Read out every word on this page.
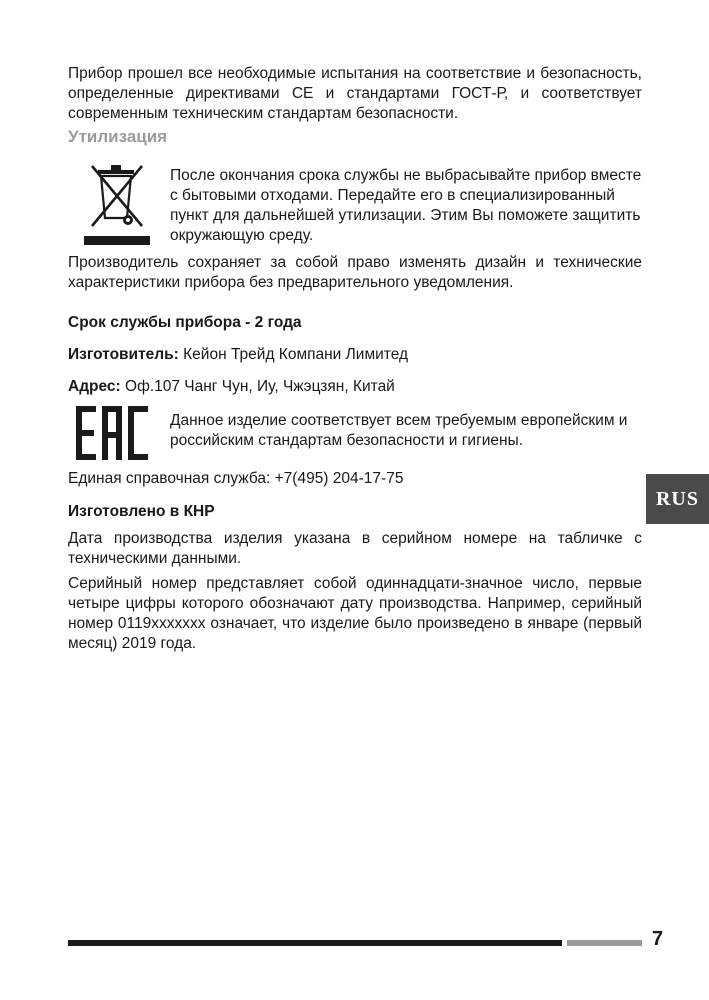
Прибор прошел все необходимые испытания на соответствие и безопасность, определенные директивами CE и стандартами ГОСТ-Р, и соответствует современным техническим стандартам безопасности.

Утилизация

После окончания срока службы не выбрасывайте прибор вместе с бытовыми отходами. Передайте его в специализированный пункт для дальнейшей утилизации. Этим Вы поможете защитить окружающую среду.

Производитель сохраняет за собой право изменять дизайн и технические характеристики прибора без предварительного уведомления.

Срок службы прибора - 2 года

Изготовитель: Кейон Трейд Компани Лимитед

Адрес: Оф.107 Чанг Чун, Иу, Чжэцзян, Китай

Данное изделие соответствует всем требуемым европейским и российским стандартам безопасности и гигиены.

Единая справочная служба: +7(495) 204-17-75

Изготовлено в КНР

Дата производства изделия указана в серийном номере на табличке с техническими данными.

Серийный номер представляет собой одиннадцати-значное число, первые четыре цифры которого обозначают дату производства. Например, серийный номер 0119xxxxxxx означает, что изделие было произведено в январе (первый месяц) 2019 года.

RUS
7
